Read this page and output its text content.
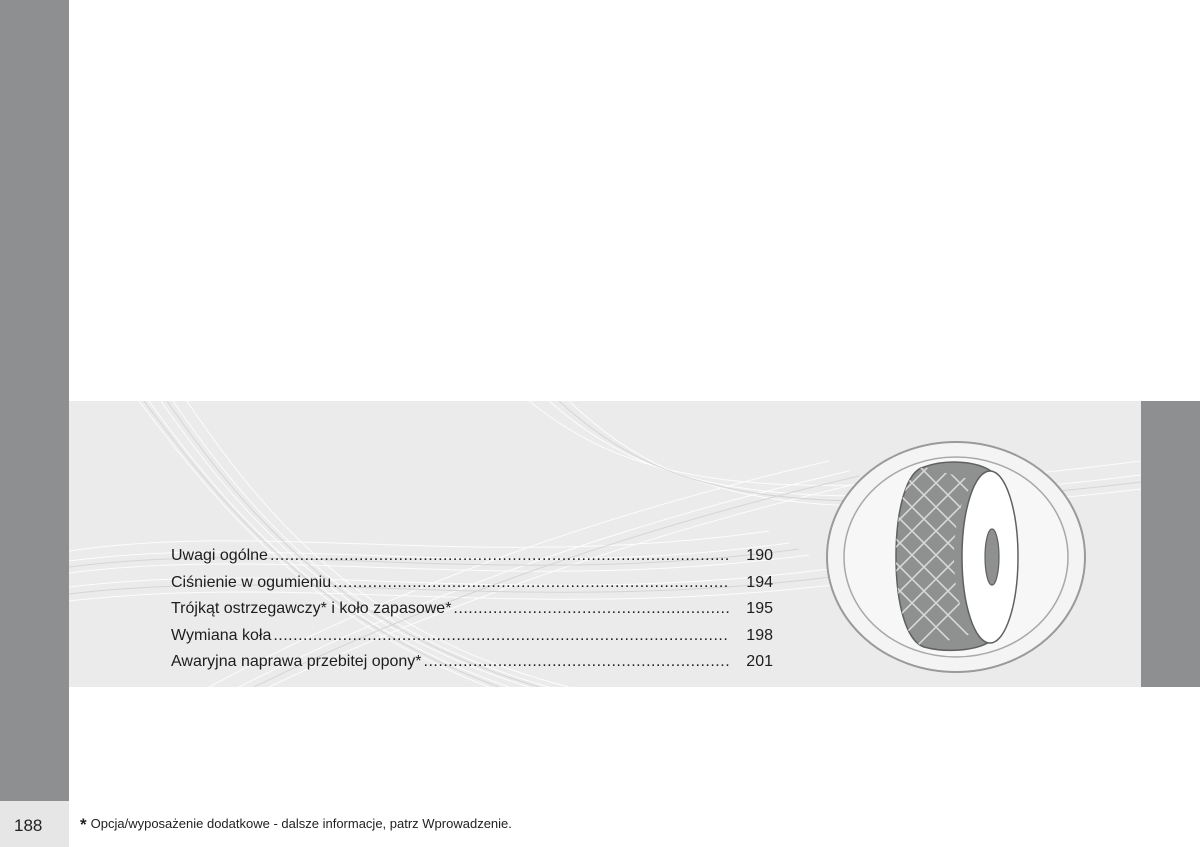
188
Uwagi ogólne .....	190
Ciśnienie w ogumieniu .....	194
Trójkąt ostrzegawczy* i koło zapasowe* .....	195
Wymiana koła .....	198
Awaryjna naprawa przebitej opony* .....	201
* Opcja/wyposażenie dodatkowe - dalsze informacje, patrz Wprowadzenie.
